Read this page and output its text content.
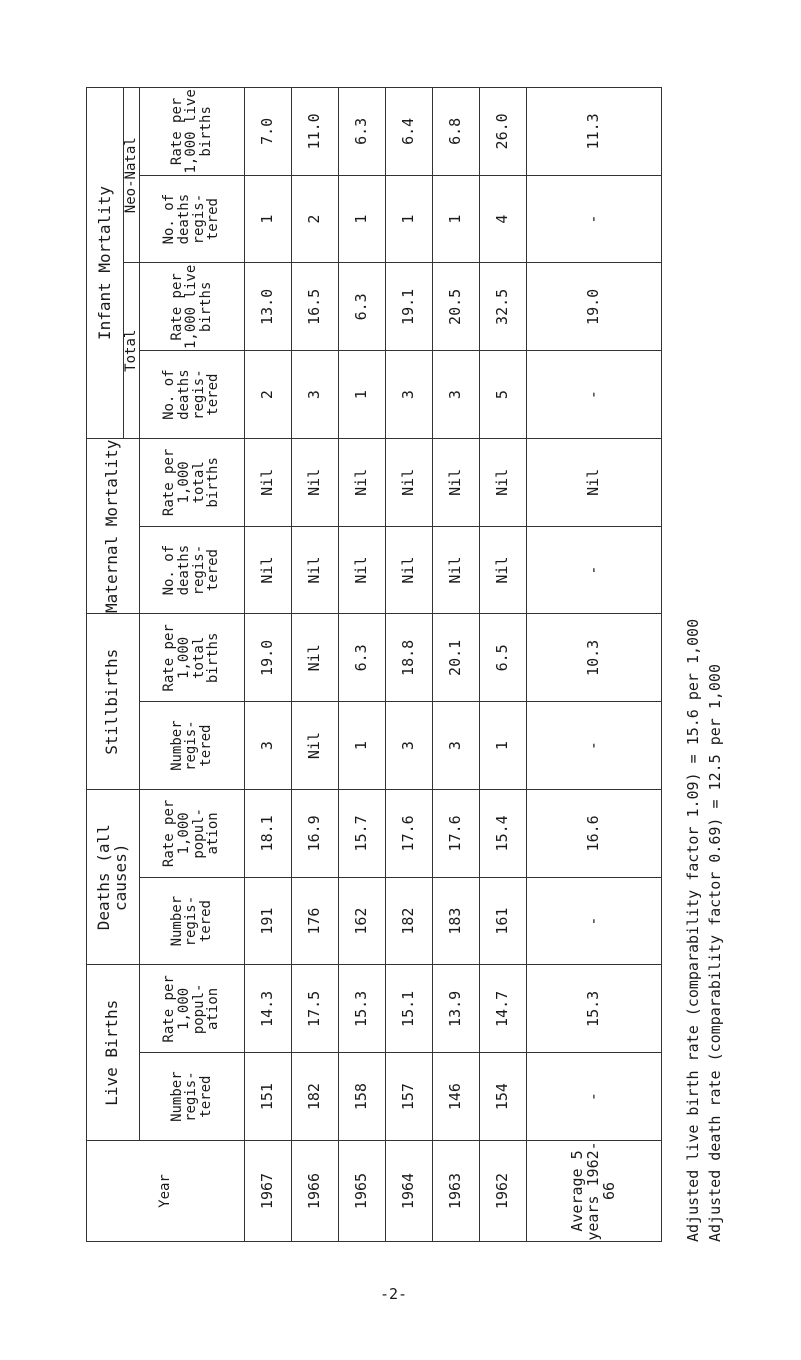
Year	Live Births		Deaths (all causes)		Stillbirths		Maternal Mortality		Infant Mortality			
									Total		Neo-Natal	
	Number regis- tered	Rate per 1,000 popul- ation	Number regis- tered	Rate per 1,000 popul- ation	Number regis- tered	Rate per 1,000 total births	No. of deaths regis- tered	Rate per 1,000 total births	No. of deaths regis- tered	Rate per 1,000 live births	No. of deaths regis- tered	Rate per 1,000 live births
1967	151	14.3	191	18.1	3	19.0	Nil	Nil	2	13.0	1	7.0
1966	182	17.5	176	16.9	Nil	Nil	Nil	Nil	3	16.5	2	11.0
1965	158	15.3	162	15.7	1	6.3	Nil	Nil	1	6.3	1	6.3
1964	157	15.1	182	17.6	3	18.8	Nil	Nil	3	19.1	1	6.4
1963	146	13.9	183	17.6	3	20.1	Nil	Nil	3	20.5	1	6.8
1962	154	14.7	161	15.4	1	6.5	Nil	Nil	5	32.5	4	26.0
Average 5 years 1962-66	-	15.3	-	16.6	-	10.3	-	Nil	-	19.0	-	11.3
Adjusted live birth rate (comparability factor 1.09) = 15.6 per 1,000 Adjusted death rate (comparability factor 0.69) = 12.5 per 1,000
-2-
